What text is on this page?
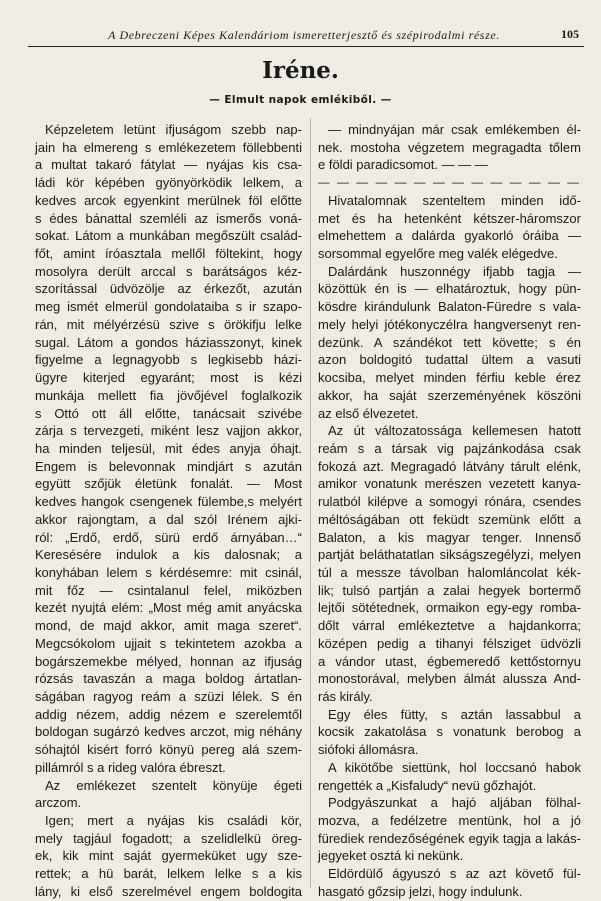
A Debreczeni Képes Kalendáriom ismeretterjesztő és szépirodalmi része.	105
Iréne.
— Elmult napok emlékiből. —
Képzeletem letünt ifjuságom szebb nap-
jain ha elmereng s emlékezetem föllebbenti
a multat takaró fátylat — nyájas kis csa-
ládi kör képében gyönyörködik lelkem, a
kedves arcok egyenkint merülnek föl előtte
s édes bánattal szemléli az ismerős voná-
sokat. Látom a munkában megőszült család-
főt, amint íróasztala mellől föltekint, hogy
mosolyra derült arccal s barátságos kéz-
szorítással üdvözölje az érkezőt, azután
meg ismét elmerül gondolataiba s ir szapo-
rán, mit mélyérzésü szive s örökifju lelke
sugal. Látom a gondos háziasszonyt, kinek
figyelme a legnagyobb s legkisebb házi-
ügyre kiterjed egyaránt; most is kézi
munkája mellett fia jövőjével foglalkozik
s Ottó ott áll előtte, tanácsait szivébe
zárja s tervezgeti, miként lesz vajjon akkor,
ha minden teljesül, mit édes anyja óhajt.
Engem is belevonnak mindjárt s azután
együtt szőjük életünk fonalát. — Most
kedves hangok csengenek fülembe,s melyért
akkor rajongtam, a dal szól Irénem ajki-
ról: „Erdő, erdő, sürü erdő árnyában…“
Keresésére indulok a kis dalosnak; a
konyhában lelem s kérdésemre: mit csinál,
mit főz — csintalanul felel, miközben
kezét nyujtá elém: „Most még amit anyácska
mond, de majd akkor, amit maga szeret“.
Megcsókolom ujjait s tekintetem azokba a
bogárszemekbe mélyed, honnan az ifjuság
rózsás tavaszán a maga boldog ártatlan-
ságában ragyog reám a szüzi lélek. S én
addig nézem, addig nézem e szerelemtől
boldogan sugárzó kedves arczot, mig néhány
sóhajtól kisért forró könyü pereg alá szem-
pillámról s a rideg valóra ébreszt.
Az emlékezet szentelt könyüje égeti
arczom.
Igen; mert a nyájas kis családi kör,
mely tagjául fogadott; a szelidlelkü öreg-
ek, kik mint saját gyermeküket ugy sze-
rettek; a hü barát, lelkem lelke s a kis
lány, ki első szerelmével engem boldogita
— mindnyájan már csak emlékemben él-
nek. mostoha végzetem megragadta tőlem
e földi paradicsomot. — — —
— — — — — — — — — — — — — —
Hivatalomnak szenteltem minden idő-
met és ha hetenként kétszer-háromszor
elmehettem a dalárda gyakorló óráiba —
sorsommal egyelőre meg valék elégedve.
Dalárdánk huszonnégy ifjabb tagja —
közöttük én is — elhatároztuk, hogy pün-
kösdre kirándulunk Balaton-Füredre s vala-
mely helyi jótékonyczélra hangversenyt ren-
dezünk. A szándékot tett követte; s én
azon boldogitó tudattal ültem a vasuti
kocsiba, melyet minden férfiu keble érez
akkor, ha saját szerzeményének köszöni
az első élvezetet.
Az út változatossága kellemesen hatott
reám s a társak vig pajzánkodása csak
fokozá azt. Megragadó látvány tárult elénk,
amikor vonatunk merészen vezetett kanya-
rulatból kilépve a somogyi rónára, csendes
méltóságában ott feküdt szemünk előtt a
Balaton, a kis magyar tenger. Innenső
partját beláthatatlan sikságszegélyzi, melyen
túl a messze távolban halomláncolat kék-
lik; tulsó partján a zalai hegyek bortermő
lejtői sötétednek, ormaikon egy-egy romba-
dőlt várral emlékeztetve a hajdankorra;
középen pedig a tihanyi félsziget üdvözli
a vándor utast, égbemeredő kettőstornyu
monostorával, melyben álmát alussza And-
rás király.
Egy éles fütty, s aztán lassabbul a
kocsik zakatolása s vonatunk berobog a
siófoki állomásra.
A kikötőbe siettünk, hol loccsanó habok
rengették a „Kisfaludy“ nevü gőzhajót.
Podgyászunkat a hajó aljában fölhal-
mozva, a fedélzetre mentünk, hol a jó
fürediek rendezőségének egyik tagja a lakás-
jegyeket osztá ki nekünk.
Eldördülő ágyuszó s az azt követő fül-
hasgató gőzsip jelzi, hogy indulunk.
